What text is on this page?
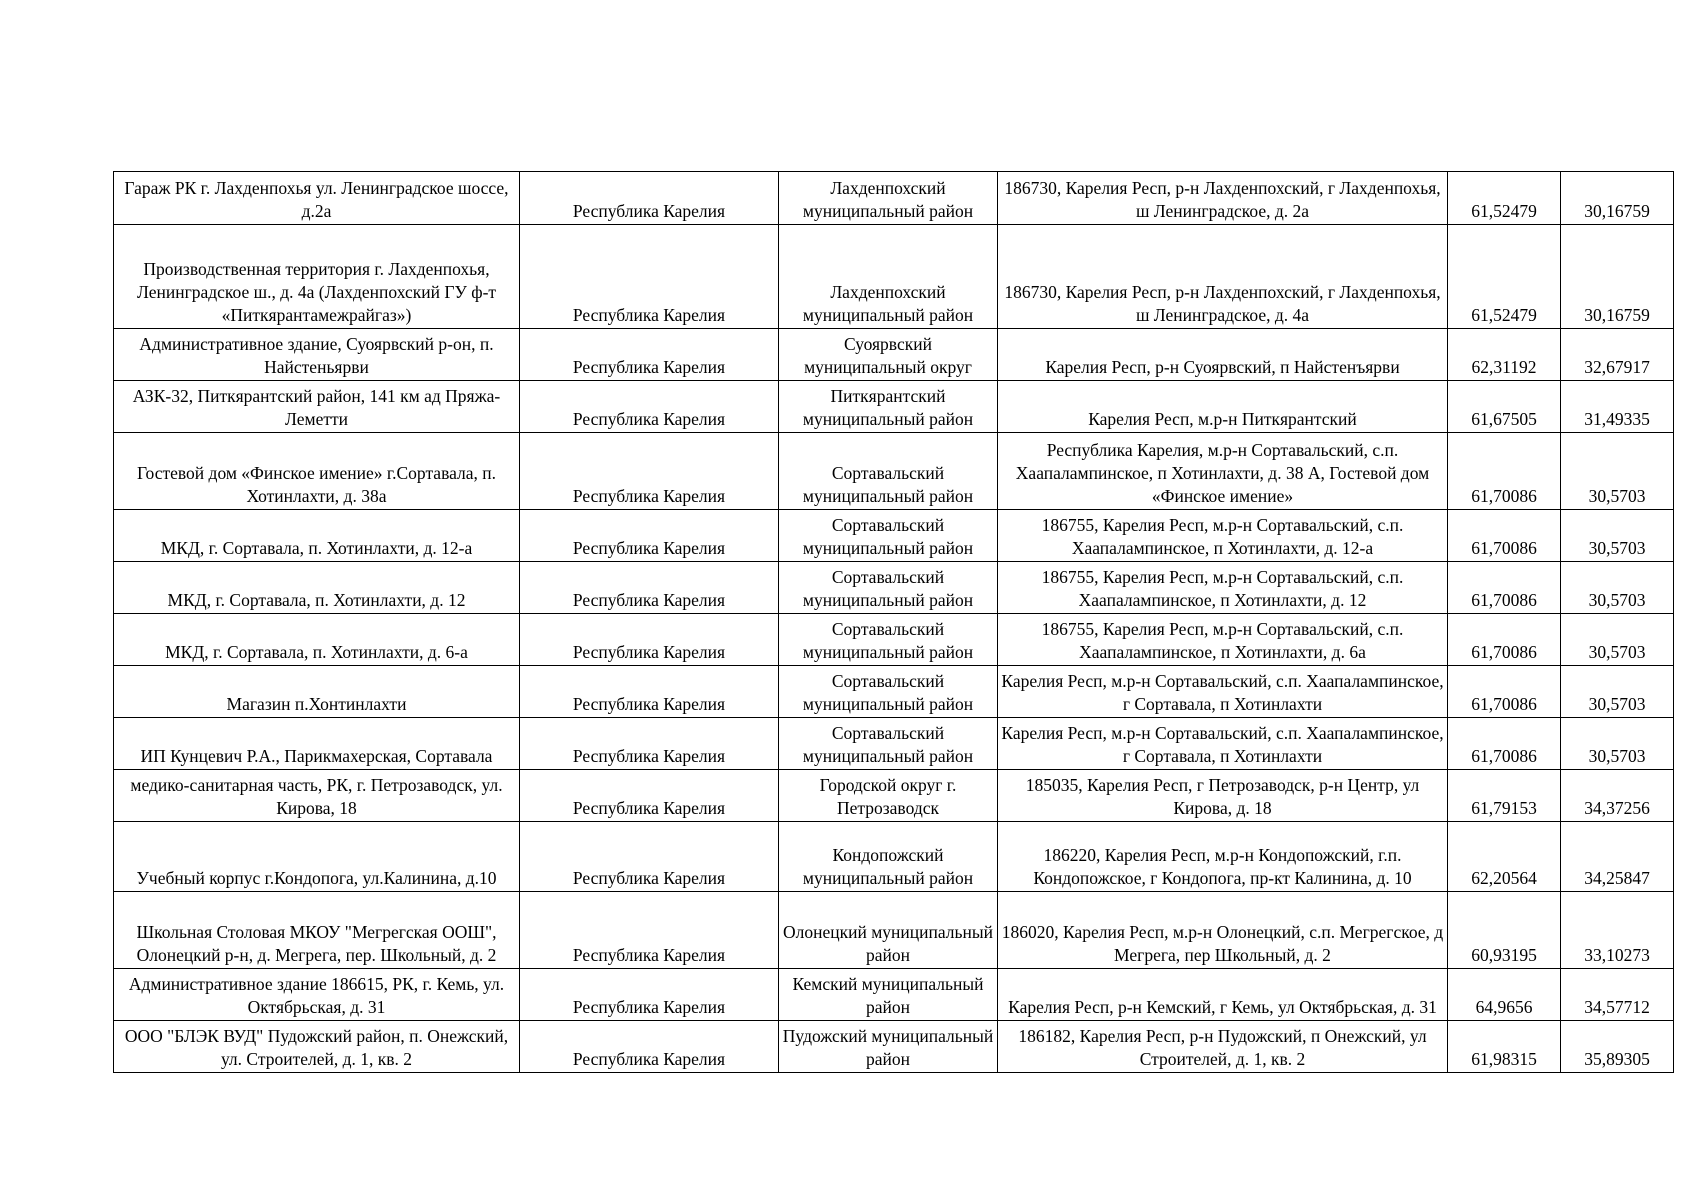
Гараж РК г. Лахденпохья ул. Ленинградское шоссе, д.2а	Республика Карелия	Лахденпохский муниципальный район	186730, Карелия Респ, р-н Лахденпохский, г Лахденпохья, ш Ленинградское, д. 2а	61,52479	30,16759
Производственная территория г. Лахденпохья, Ленинградское ш., д. 4а (Лахденпохский ГУ ф-т «Питкярантамежрайгаз»)	Республика Карелия	Лахденпохский муниципальный район	186730, Карелия Респ, р-н Лахденпохский, г Лахденпохья, ш Ленинградское, д. 4а	61,52479	30,16759
Административное здание, Суоярвский р-он, п. Найстеньярви	Республика Карелия	Суоярвский муниципальный округ	Карелия Респ, р-н Суоярвский, п Найстенъярви	62,31192	32,67917
АЗК-32, Питкярантский район, 141 км ад Пряжа-Леметти	Республика Карелия	Питкярантский муниципальный район	Карелия Респ, м.р-н Питкярантский	61,67505	31,49335
Гостевой дом «Финское имение» г.Сортавала, п. Хотинлахти, д. 38а	Республика Карелия	Сортавальский муниципальный район	Республика Карелия, м.р-н Сортавальский, с.п. Хаапалампинское, п Хотинлахти, д. 38 А, Гостевой дом «Финское имение»	61,70086	30,5703
МКД, г. Сортавала, п. Хотинлахти, д. 12-а	Республика Карелия	Сортавальский муниципальный район	186755, Карелия Респ, м.р-н Сортавальский, с.п. Хаапалампинское, п Хотинлахти, д. 12-а	61,70086	30,5703
МКД, г. Сортавала, п. Хотинлахти, д. 12	Республика Карелия	Сортавальский муниципальный район	186755, Карелия Респ, м.р-н Сортавальский, с.п. Хаапалампинское, п Хотинлахти, д. 12	61,70086	30,5703
МКД, г. Сортавала, п. Хотинлахти, д. 6-а	Республика Карелия	Сортавальский муниципальный район	186755, Карелия Респ, м.р-н Сортавальский, с.п. Хаапалампинское, п Хотинлахти, д. 6а	61,70086	30,5703
Магазин п.Хонтинлахти	Республика Карелия	Сортавальский муниципальный район	Карелия Респ, м.р-н Сортавальский, с.п. Хаапалампинское, г Сортавала, п Хотинлахти	61,70086	30,5703
ИП Кунцевич Р.А., Парикмахерская, Сортавала	Республика Карелия	Сортавальский муниципальный район	Карелия Респ, м.р-н Сортавальский, с.п. Хаапалампинское, г Сортавала, п Хотинлахти	61,70086	30,5703
медико-санитарная часть, РК, г. Петрозаводск, ул. Кирова, 18	Республика Карелия	Городской округ г. Петрозаводск	185035, Карелия Респ, г Петрозаводск, р-н Центр, ул Кирова, д. 18	61,79153	34,37256
Учебный корпус г.Кондопога, ул.Калинина, д.10	Республика Карелия	Кондопожский муниципальный район	186220, Карелия Респ, м.р-н Кондопожский, г.п. Кондопожское, г Кондопога, пр-кт Калинина, д. 10	62,20564	34,25847
Школьная Столовая МКОУ "Мегрегская ООШ", Олонецкий р-н, д. Мегрега, пер. Школьный, д. 2	Республика Карелия	Олонецкий муниципальный район	186020, Карелия Респ, м.р-н Олонецкий, с.п. Мегрегское, д Мегрега, пер Школьный, д. 2	60,93195	33,10273
Административное здание 186615, РК, г. Кемь, ул. Октябрьская, д. 31	Республика Карелия	Кемский муниципальный район	Карелия Респ, р-н Кемский, г Кемь, ул Октябрьская, д. 31	64,9656	34,57712
ООО "БЛЭК ВУД" Пудожский район, п. Онежский, ул. Строителей, д. 1, кв. 2	Республика Карелия	Пудожский муниципальный район	186182, Карелия Респ, р-н Пудожский, п Онежский, ул Строителей, д. 1, кв. 2	61,98315	35,89305
